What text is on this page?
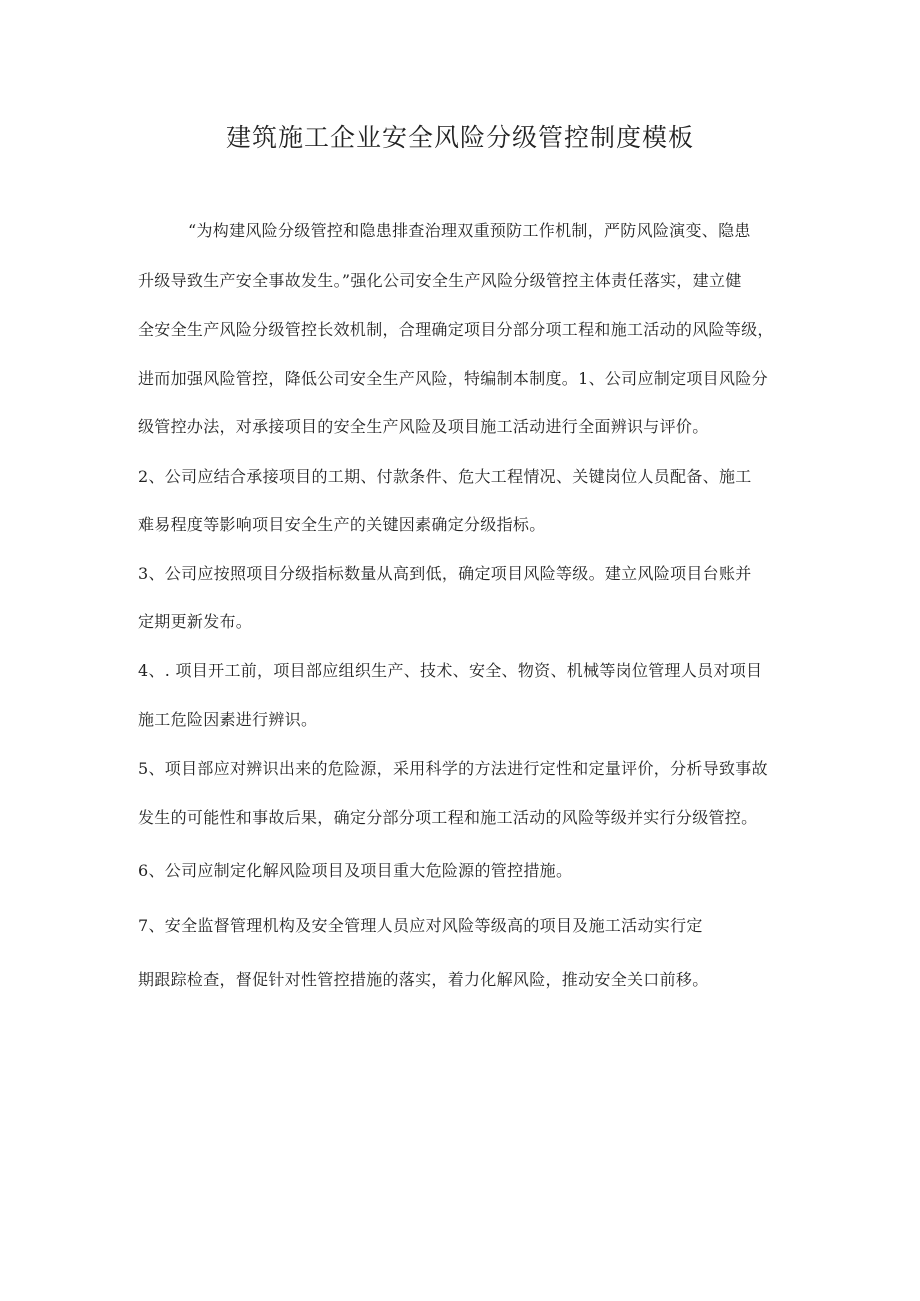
建筑施工企业安全风险分级管控制度模板
“为构建风险分级管控和隐患排查治理双重预防工作机制，严防风险演变、隐患
升级导致生产安全事故发生。”强化公司安全生产风险分级管控主体责任落实，建立健
全安全生产风险分级管控长效机制，合理确定项目分部分项工程和施工活动的风险等级，
进而加强风险管控，降低公司安全生产风险，特编制本制度。1、公司应制定项目风险分
级管控办法，对承接项目的安全生产风险及项目施工活动进行全面辨识与评价。
2、公司应结合承接项目的工期、付款条件、危大工程情况、关键岗位人员配备、施工
难易程度等影响项目安全生产的关键因素确定分级指标。
3、公司应按照项目分级指标数量从高到低，确定项目风险等级。建立风险项目台账并
定期更新发布。
4、. 项目开工前，项目部应组织生产、技术、安全、物资、机械等岗位管理人员对项目
施工危险因素进行辨识。
5、项目部应对辨识出来的危险源，采用科学的方法进行定性和定量评价，分析导致事故
发生的可能性和事故后果，确定分部分项工程和施工活动的风险等级并实行分级管控。
6、公司应制定化解风险项目及项目重大危险源的管控措施。
7、安全监督管理机构及安全管理人员应对风险等级高的项目及施工活动实行定
期跟踪检查，督促针对性管控措施的落实，着力化解风险，推动安全关口前移。
